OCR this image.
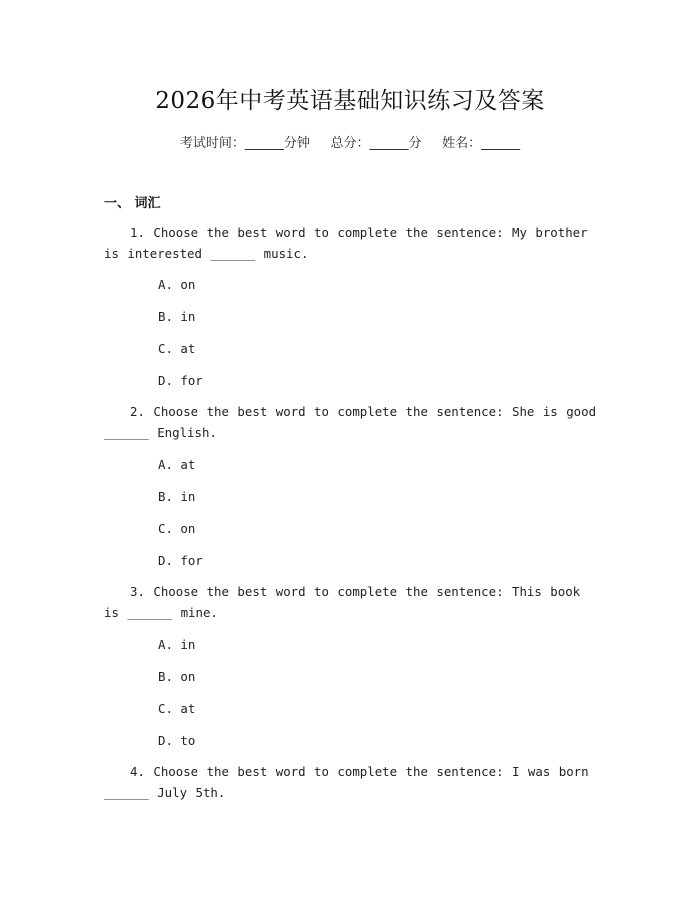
2026年中考英语基础知识练习及答案
考试时间：______分钟     总分：______分     姓名：______
一、 词汇
1. Choose the best word to complete the sentence: My brother is interested ______ music.
A. on
B. in
C. at
D. for
2. Choose the best word to complete the sentence: She is good ______ English.
A. at
B. in
C. on
D. for
3. Choose the best word to complete the sentence: This book is ______ mine.
A. in
B. on
C. at
D. to
4. Choose the best word to complete the sentence: I was born ______ July 5th.
